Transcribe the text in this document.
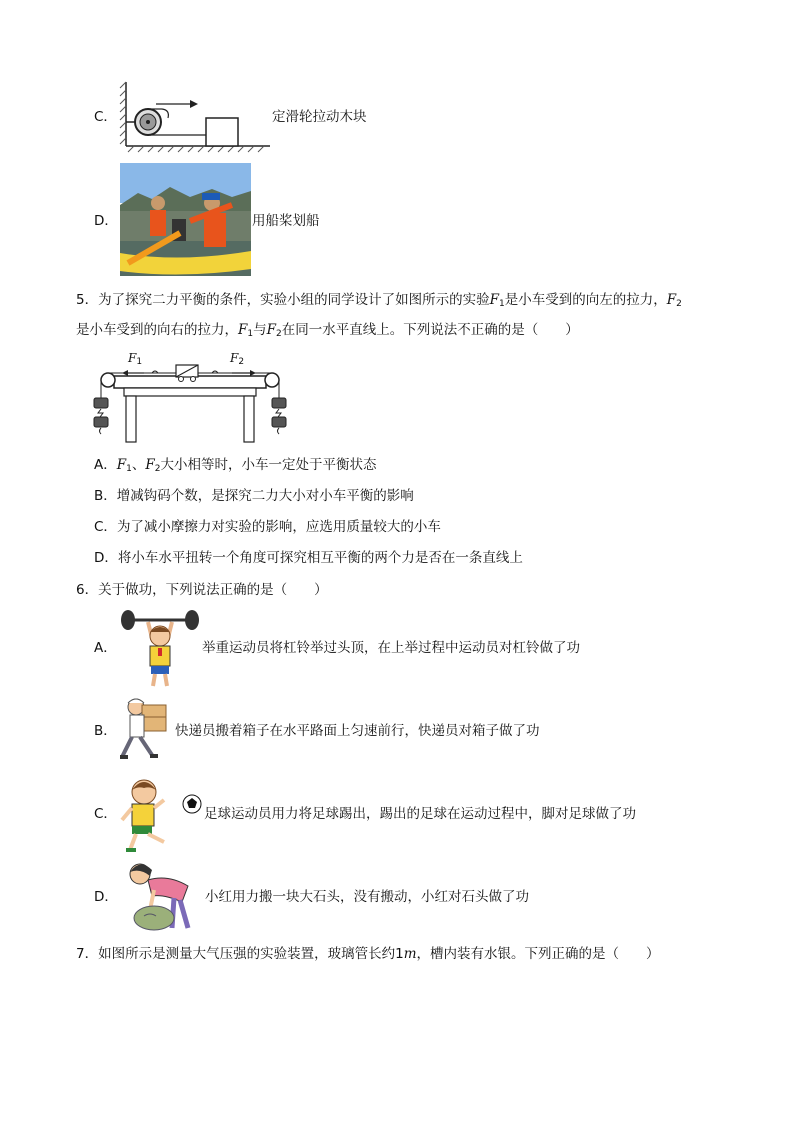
C．	定滑轮拉动木块
D．	用船桨划船
5．为了探究二力平衡的条件，实验小组的同学设计了如图所示的实验$F_1$是小车受到的向左的拉力，$F_2$
是小车受到的向右的拉力，$F_1$与$F_2$在同一水平直线上。下列说法不正确的是（　　）
$F_1$	$F_2$
A．$F_1$、$F_2$大小相等时，小车一定处于平衡状态
B．增减钩码个数，是探究二力大小对小车平衡的影响
C．为了减小摩擦力对实验的影响，应选用质量较大的小车
D．将小车水平扭转一个角度可探究相互平衡的两个力是否在一条直线上
6．关于做功，下列说法正确的是（　　）
A．	举重运动员将杠铃举过头顶，在上举过程中运动员对杠铃做了功
B．	快递员搬着箱子在水平路面上匀速前行，快递员对箱子做了功
C．	足球运动员用力将足球踢出，踢出的足球在运动过程中，脚对足球做了功
D．	小红用力搬一块大石头，没有搬动，小红对石头做了功
7．如图所示是测量大气压强的实验装置，玻璃管长约1m，槽内装有水银。下列正确的是（　　）
